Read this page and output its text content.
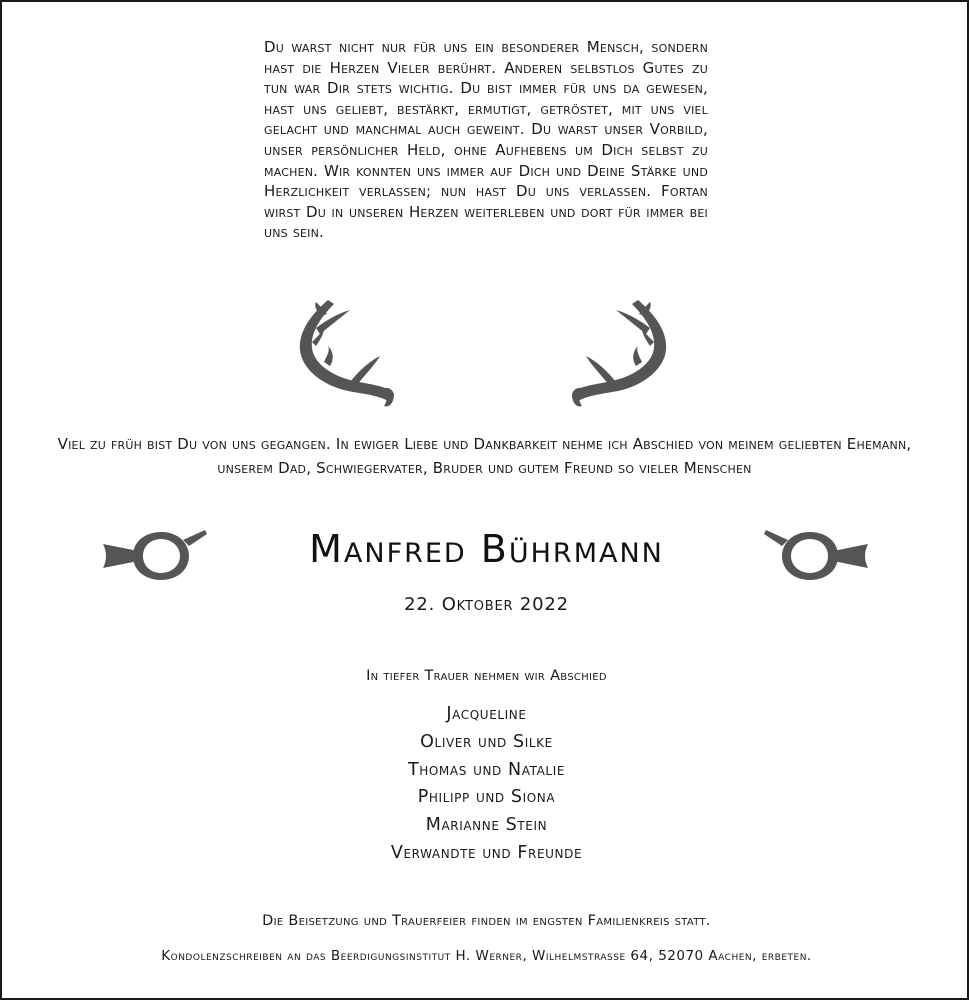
Du warst nicht nur für uns ein besonderer Mensch, sondern hast die Herzen Vieler berührt. Anderen selbstlos Gutes zu tun war Dir stets wichtig. Du bist immer für uns da gewesen, hast uns geliebt, bestärkt, ermutigt, getröstet, mit uns viel gelacht und manchmal auch geweint. Du warst unser Vorbild, unser persönlicher Held, ohne Aufhebens um Dich selbst zu machen. Wir konnten uns immer auf Dich und Deine Stärke und Herzlichkeit verlassen; nun hast Du uns verlassen. Fortan wirst Du in unseren Herzen weiterleben und dort für immer bei uns sein.

Viel zu früh bist Du von uns gegangen. In ewiger Liebe und Dankbarkeit nehme ich Abschied von meinem geliebten Ehemann, unserem Dad, Schwiegervater, Bruder und gutem Freund so vieler Menschen

Manfred Bührmann
22. Oktober 2022
In tiefer Trauer nehmen wir Abschied
Jacqueline
Oliver und Silke
Thomas und Natalie
Philipp und Siona
Marianne Stein
Verwandte und Freunde
Die Beisetzung und Trauerfeier finden im engsten Familienkreis statt.
Kondolenzschreiben an das Beerdigungsinstitut H. Werner, Wilhelmstrasse 64, 52070 Aachen, erbeten.
